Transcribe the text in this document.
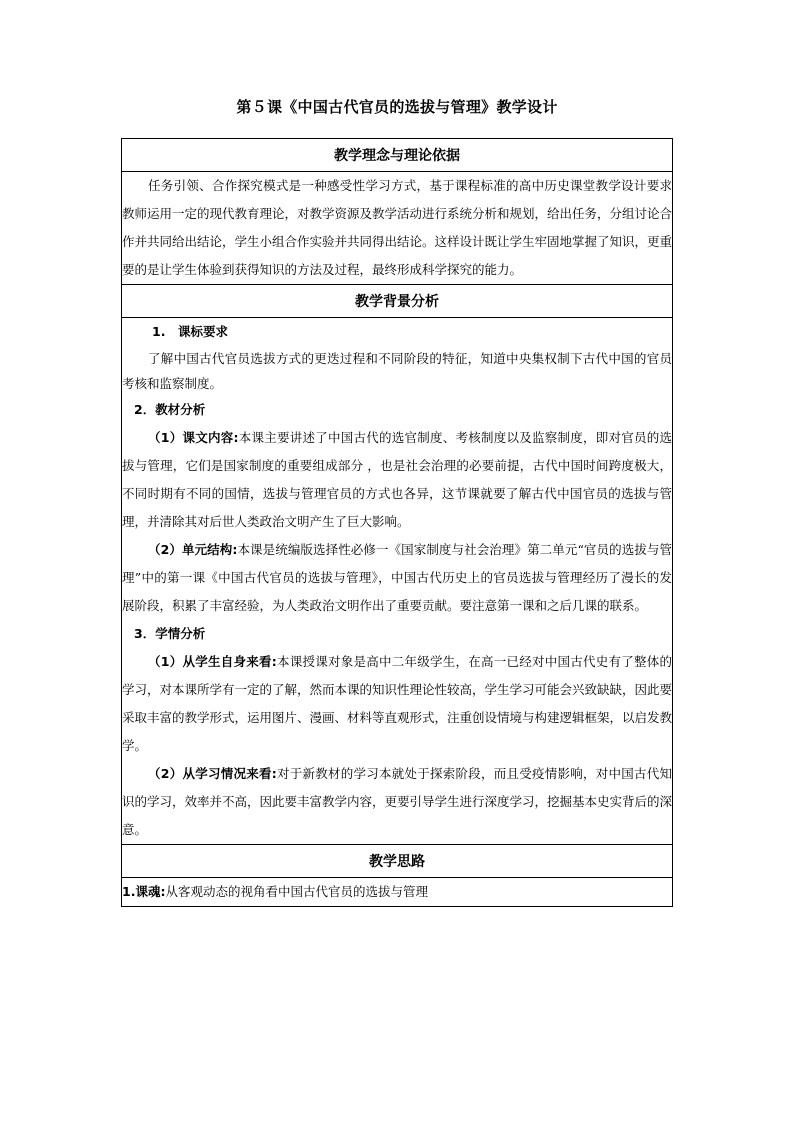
第５课《中国古代官员的选拔与管理》教学设计
教学理念与理论依据

任务引领、合作探究模式是一种感受性学习方式，基于课程标准的高中历史课堂教学设计要求教师运用一定的现代教育理论，对教学资源及教学活动进行系统分析和规划，给出任务，分组讨论合作并共同给出结论，学生小组合作实验并共同得出结论。这样设计既让学生牢固地掌握了知识，更重要的是让学生体验到获得知识的方法及过程，最终形成科学探究的能力。

教学背景分析

1.　课标要求
了解中国古代官员选拔方式的更迭过程和不同阶段的特征，知道中央集权制下古代中国的官员考核和监察制度。
2．教材分析
（1）课文内容:本课主要讲述了中国古代的选官制度、考核制度以及监察制度，即对官员的选拔与管理，它们是国家制度的重要组成部分 ，也是社会治理的必要前提，古代中国时间跨度极大，不同时期有不同的国情，选拔与管理官员的方式也各异，这节课就要了解古代中国官员的选拔与管理，并清除其对后世人类政治文明产生了巨大影响。
（2）单元结构:本课是统编版选择性必修一《国家制度与社会治理》第二单元“官员的选拔与管理”中的第一课《中国古代官员的选拔与管理》，中国古代历史上的官员选拔与管理经历了漫长的发展阶段，积累了丰富经验，为人类政治文明作出了重要贡献。要注意第一课和之后几课的联系。
3．学情分析
（1）从学生自身来看:本课授课对象是高中二年级学生，在高一已经对中国古代史有了整体的学习，对本课所学有一定的了解，然而本课的知识性理论性较高，学生学习可能会兴致缺缺，因此要采取丰富的教学形式，运用图片、漫画、材料等直观形式，注重创设情境与构建逻辑框架，以启发教学。
（2）从学习情况来看:对于新教材的学习本就处于探索阶段，而且受疫情影响，对中国古代知识的学习，效率并不高，因此要丰富教学内容，更要引导学生进行深度学习，挖掘基本史实背后的深意。

教学思路
1.课魂:从客观动态的视角看中国古代官员的选拔与管理
